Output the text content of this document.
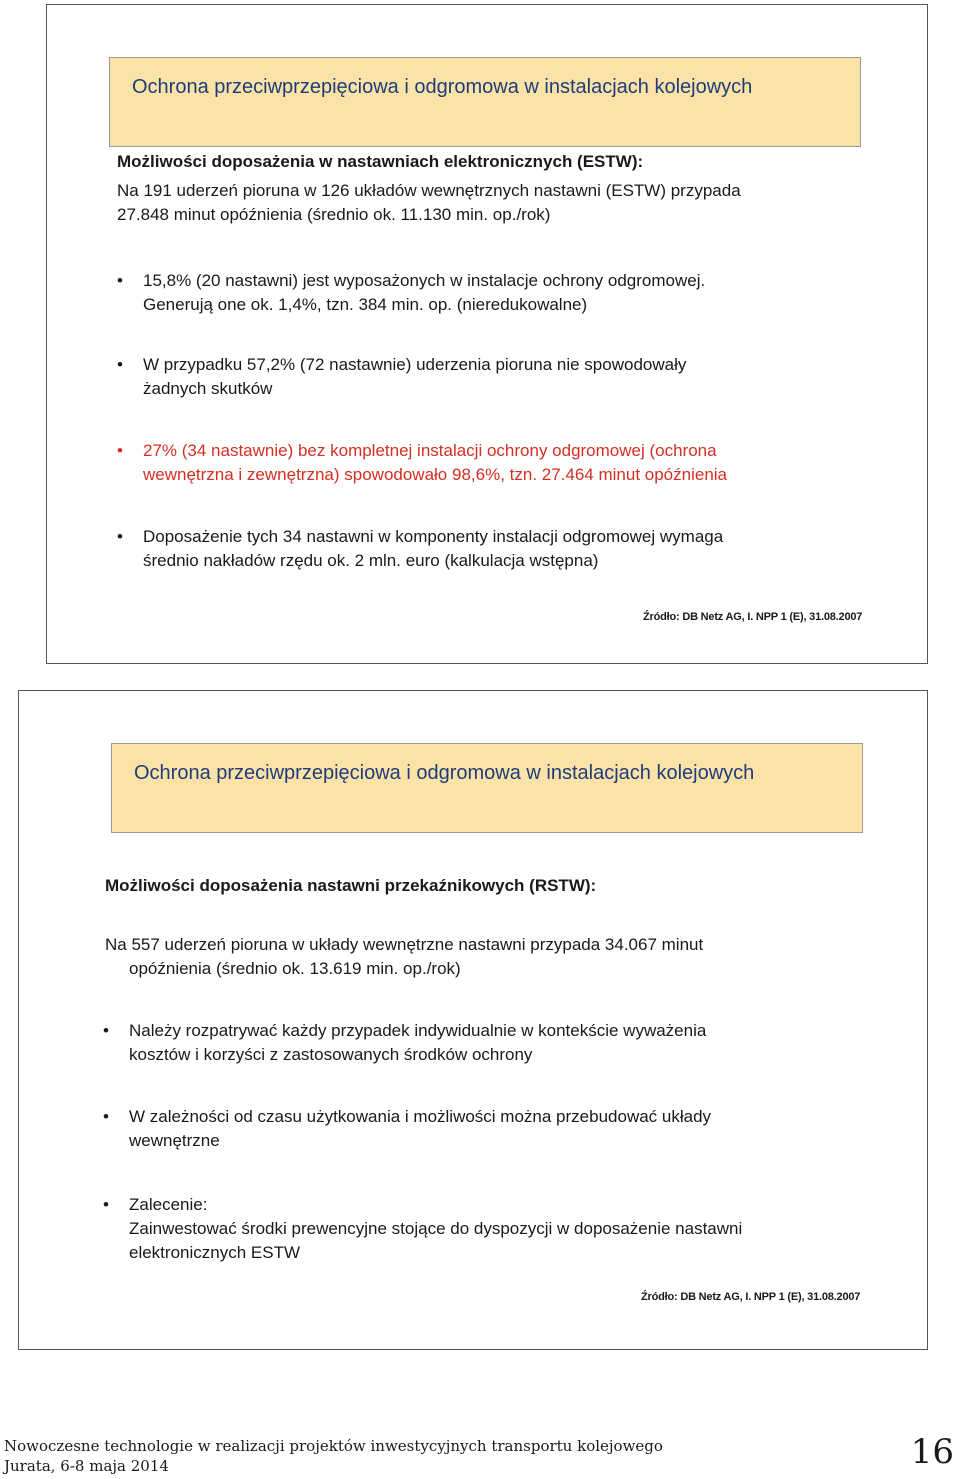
Ochrona przeciwprzepięciowa i odgromowa w instalacjach kolejowych
Możliwości doposażenia w nastawniach elektronicznych (ESTW):
Na 191 uderzeń pioruna w 126 układów wewnętrznych nastawni (ESTW) przypada
27.848 minut opóźnienia (średnio ok. 11.130 min. op./rok)
• 15,8% (20 nastawni) jest wyposażonych w instalacje ochrony odgromowej.
Generują one ok. 1,4%, tzn. 384 min. op. (nieredukowalne)
• W przypadku 57,2% (72 nastawnie) uderzenia pioruna nie spowodowały
żadnych skutków
• 27% (34 nastawnie) bez kompletnej instalacji ochrony odgromowej (ochrona
wewnętrzna i zewnętrzna) spowodowało 98,6%, tzn. 27.464 minut opóźnienia
• Doposażenie tych 34 nastawni w komponenty instalacji odgromowej wymaga
średnio nakładów rzędu ok. 2 mln. euro (kalkulacja wstępna)
Źródło: DB Netz AG, I. NPP 1 (E), 31.08.2007
Ochrona przeciwprzepięciowa i odgromowa w instalacjach kolejowych
Możliwości doposażenia nastawni przekaźnikowych (RSTW):
Na 557 uderzeń pioruna w układy wewnętrzne nastawni przypada 34.067 minut
opóźnienia (średnio ok. 13.619 min. op./rok)
• Należy rozpatrywać każdy przypadek indywidualnie w kontekście wyważenia
kosztów i korzyści z zastosowanych środków ochrony
• W zależności od czasu użytkowania i możliwości można przebudować układy
wewnętrzne
• Zalecenie:
Zainwestować środki prewencyjne stojące do dyspozycji w doposażenie nastawni
elektronicznych ESTW
Źródło: DB Netz AG, I. NPP 1 (E), 31.08.2007
Nowoczesne technologie w realizacji projektów inwestycyjnych transportu kolejowego
Jurata, 6-8 maja 2014	16
